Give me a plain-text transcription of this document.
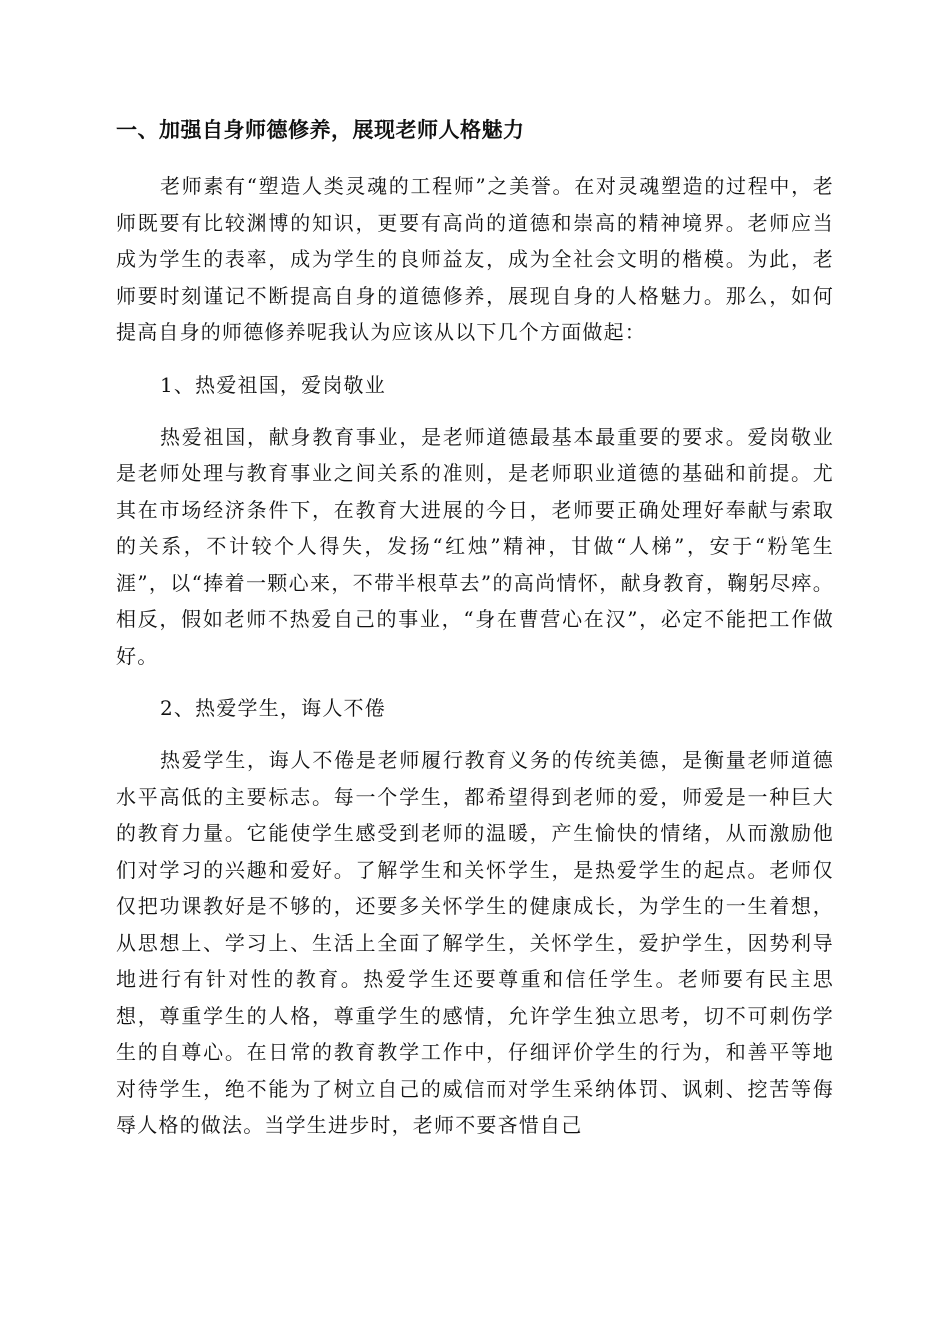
一、加强自身师德修养，展现老师人格魅力

老师素有“塑造人类灵魂的工程师”之美誉。在对灵魂塑造的过程中，老师既要有比较渊博的知识，更要有高尚的道德和崇高的精神境界。老师应当成为学生的表率，成为学生的良师益友，成为全社会文明的楷模。为此，老师要时刻谨记不断提高自身的道德修养，展现自身的人格魅力。那么，如何提高自身的师德修养呢我认为应该从以下几个方面做起：

1、热爱祖国，爱岗敬业

热爱祖国，献身教育事业，是老师道德最基本最重要的要求。爱岗敬业是老师处理与教育事业之间关系的准则，是老师职业道德的基础和前提。尤其在市场经济条件下，在教育大进展的今日，老师要正确处理好奉献与索取的关系，不计较个人得失，发扬“红烛”精神，甘做“人梯”，安于“粉笔生涯”，以“捧着一颗心来，不带半根草去”的高尚情怀，献身教育，鞠躬尽瘁。相反，假如老师不热爱自己的事业，“身在曹营心在汉”，必定不能把工作做好。

2、热爱学生，诲人不倦

热爱学生，诲人不倦是老师履行教育义务的传统美德，是衡量老师道德水平高低的主要标志。每一个学生，都希望得到老师的爱，师爱是一种巨大的教育力量。它能使学生感受到老师的温暖，产生愉快的情绪，从而激励他们对学习的兴趣和爱好。了解学生和关怀学生，是热爱学生的起点。老师仅仅把功课教好是不够的，还要多关怀学生的健康成长，为学生的一生着想，从思想上、学习上、生活上全面了解学生，关怀学生，爱护学生，因势利导地进行有针对性的教育。热爱学生还要尊重和信任学生。老师要有民主思想，尊重学生的人格，尊重学生的感情，允许学生独立思考，切不可刺伤学生的自尊心。在日常的教育教学工作中，仔细评价学生的行为，和善平等地对待学生，绝不能为了树立自己的威信而对学生采纳体罚、讽刺、挖苦等侮辱人格的做法。当学生进步时，老师不要吝惜自己
